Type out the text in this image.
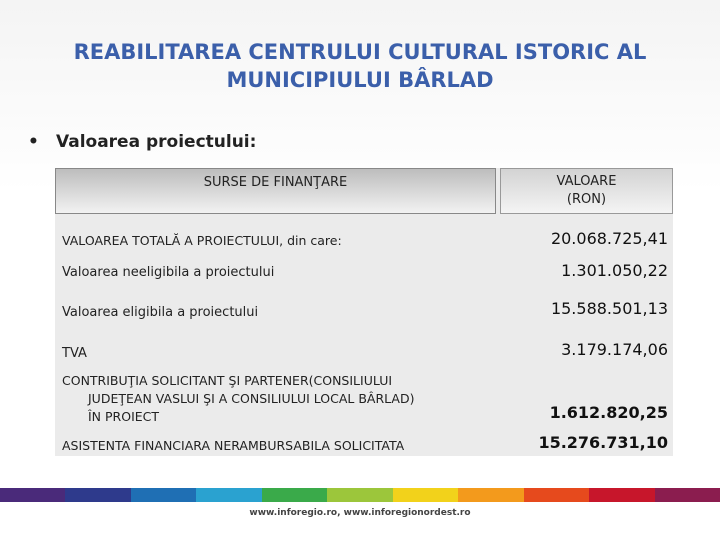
REABILITAREA CENTRULUI CULTURAL ISTORIC AL
MUNICIPIULUI BÂRLAD
• Valoarea proiectului:
SURSE DE FINANŢARE	VALOARE
(RON)
VALOAREA TOTALĂ A PROIECTULUI, din care:	20.068.725,41
Valoarea neeligibila a proiectului	1.301.050,22
Valoarea eligibila a proiectului	15.588.501,13
TVA	3.179.174,06
CONTRIBUŢIA SOLICITANT ŞI PARTENER(CONSILIULUI
JUDEŢEAN VASLUI ŞI A CONSILIULUI LOCAL BÂRLAD)
ÎN PROIECT	1.612.820,25
ASISTENTA FINANCIARA NERAMBURSABILA SOLICITATA	15.276.731,10
www.inforegio.ro, www.inforegionordest.ro
